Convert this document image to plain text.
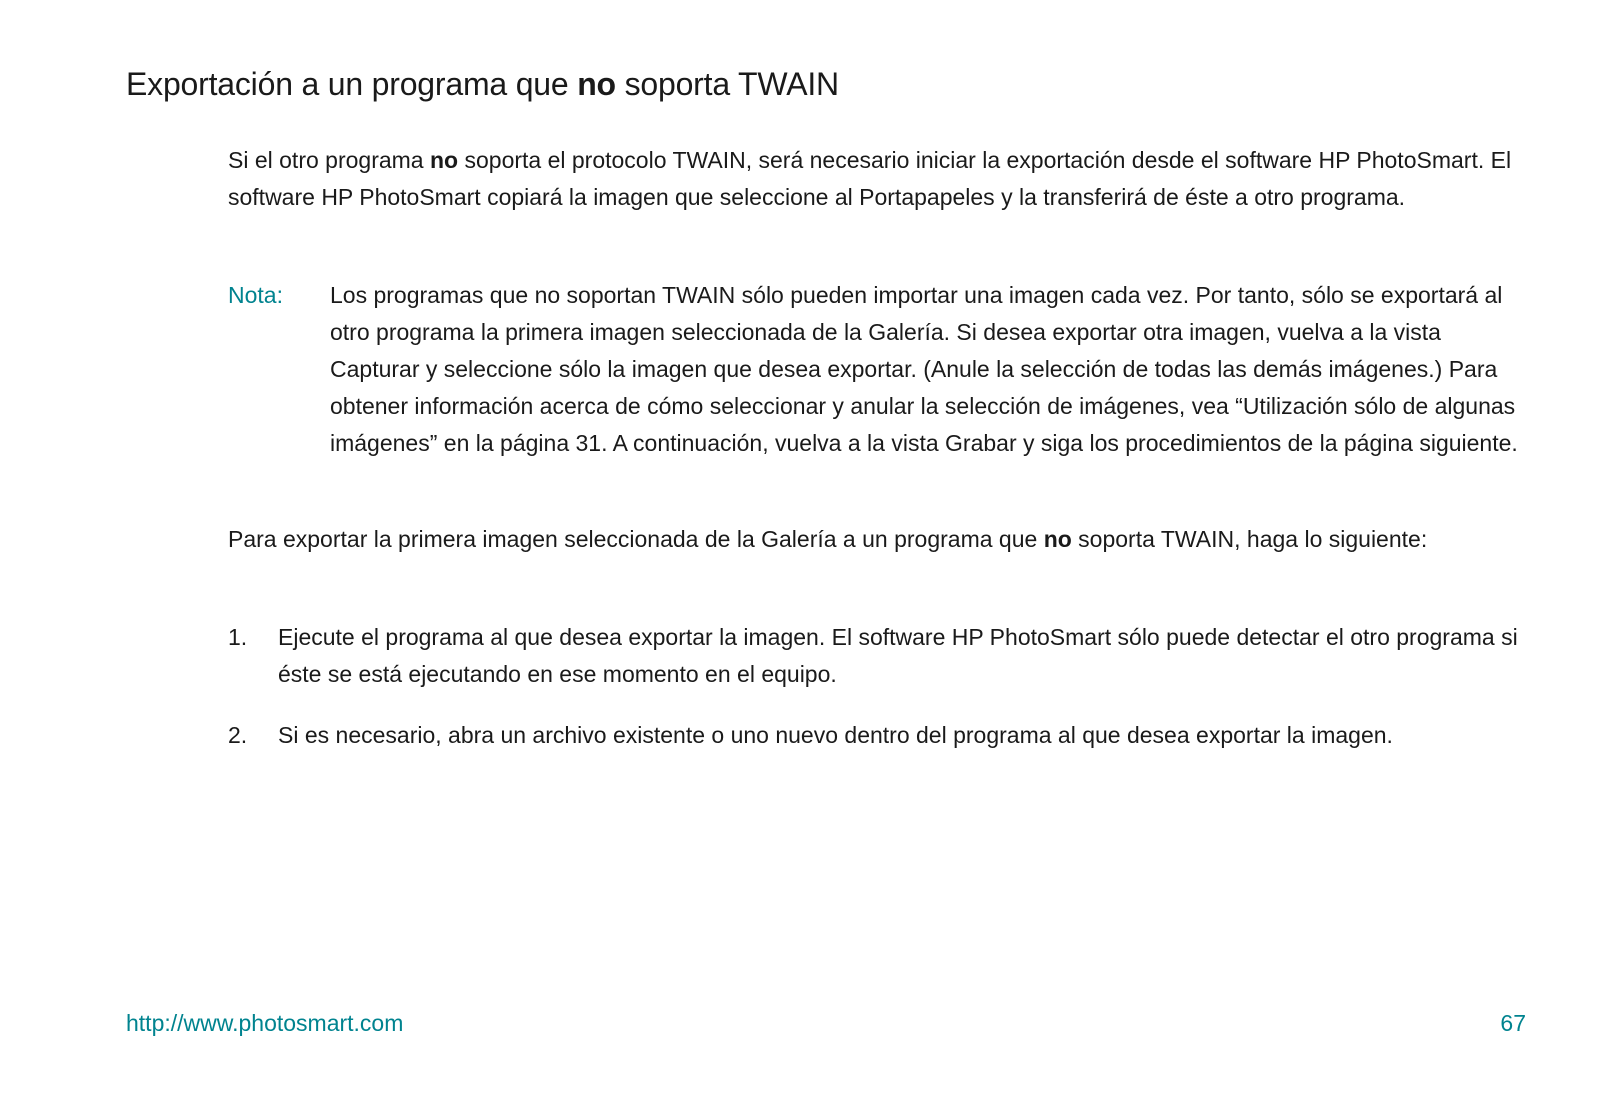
Exportación a un programa que no soporta TWAIN

Si el otro programa no soporta el protocolo TWAIN, será necesario iniciar la exportación desde el software HP PhotoSmart. El software HP PhotoSmart copiará la imagen que seleccione al Portapapeles y la transferirá de éste a otro programa.

Nota: Los programas que no soportan TWAIN sólo pueden importar una imagen cada vez. Por tanto, sólo se exportará al otro programa la primera imagen seleccionada de la Galería. Si desea exportar otra imagen, vuelva a la vista Capturar y seleccione sólo la imagen que desea exportar. (Anule la selección de todas las demás imágenes.) Para obtener información acerca de cómo seleccionar y anular la selección de imágenes, vea “Utilización sólo de algunas imágenes” en la página 31. A continuación, vuelva a la vista Grabar y siga los procedimientos de la página siguiente.

Para exportar la primera imagen seleccionada de la Galería a un programa que no soporta TWAIN, haga lo siguiente:

1. Ejecute el programa al que desea exportar la imagen. El software HP PhotoSmart sólo puede detectar el otro programa si éste se está ejecutando en ese momento en el equipo.

2. Si es necesario, abra un archivo existente o uno nuevo dentro del programa al que desea exportar la imagen.

http://www.photosmart.com	67
